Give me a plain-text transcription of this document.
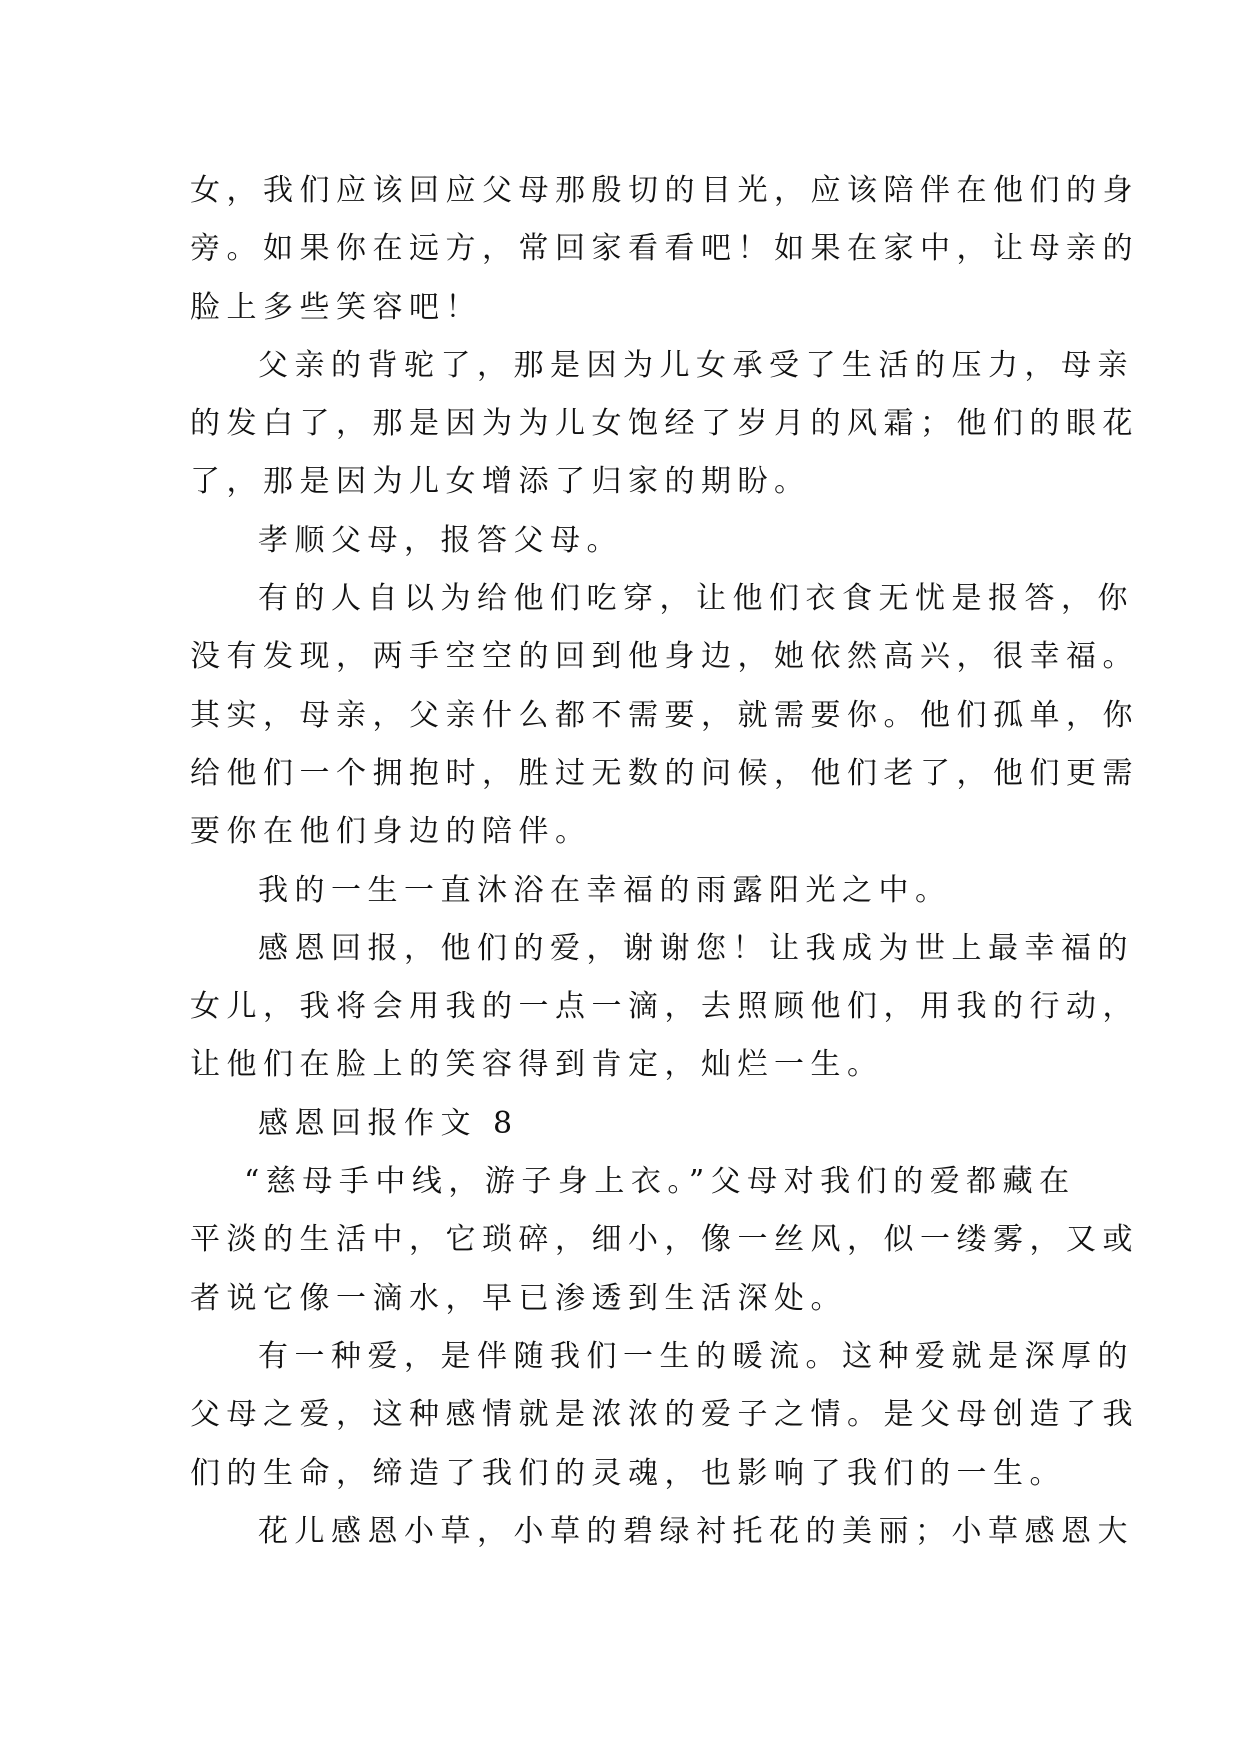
女，我们应该回应父母那殷切的目光，应该陪伴在他们的身
旁。如果你在远方，常回家看看吧！如果在家中，让母亲的
脸上多些笑容吧！
父亲的背驼了，那是因为儿女承受了生活的压力，母亲
的发白了，那是因为为儿女饱经了岁月的风霜；他们的眼花
了，那是因为儿女增添了归家的期盼。
孝顺父母，报答父母。
有的人自以为给他们吃穿，让他们衣食无忧是报答，你
没有发现，两手空空的回到他身边，她依然高兴，很幸福。
其实，母亲，父亲什么都不需要，就需要你。他们孤单，你
给他们一个拥抱时，胜过无数的问候，他们老了，他们更需
要你在他们身边的陪伴。
我的一生一直沐浴在幸福的雨露阳光之中。
感恩回报，他们的爱，谢谢您！让我成为世上最幸福的
女儿，我将会用我的一点一滴，去照顾他们，用我的行动，
让他们在脸上的笑容得到肯定，灿烂一生。
感恩回报作文 8
“慈母手中线，游子身上衣。”父母对我们的爱都藏在
平淡的生活中，它琐碎，细小，像一丝风，似一缕雾，又或
者说它像一滴水，早已渗透到生活深处。
有一种爱，是伴随我们一生的暖流。这种爱就是深厚的
父母之爱，这种感情就是浓浓的爱子之情。是父母创造了我
们的生命，缔造了我们的灵魂，也影响了我们的一生。
花儿感恩小草，小草的碧绿衬托花的美丽；小草感恩大
